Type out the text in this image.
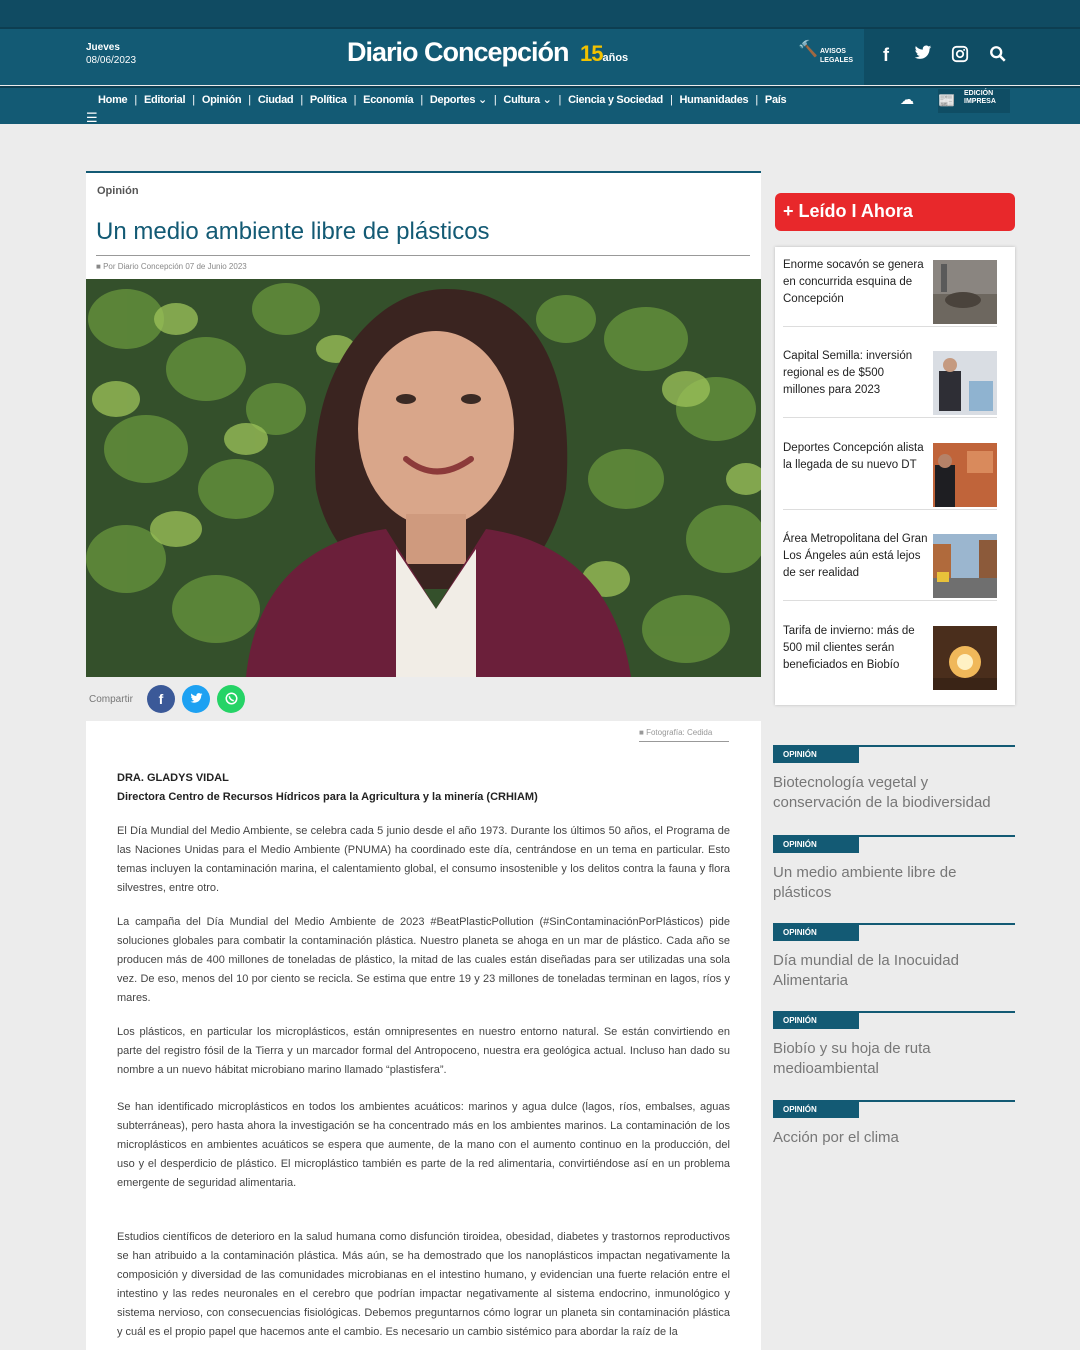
Jueves
08/06/2023	Diario Concepción 15años	🔨 AVISOS LEGALES	f
Home | Editorial | Opinión | Ciudad | Política | Economía | Deportes ⌄ | Cultura ⌄ | Ciencia y Sociedad | Humanidades | País
☰
☁ 📰 EDICIÓN IMPRESA
Opinión
Un medio ambiente libre de plásticos
■ Por Diario Concepción 07 de Junio 2023
Compartir	f
■ Fotografía: Cedida
DRA. GLADYS VIDAL
Directora Centro de Recursos Hídricos para la Agricultura y la minería (CRHIAM)

El Día Mundial del Medio Ambiente, se celebra cada 5 junio desde el año 1973. Durante los últimos 50 años, el Programa de las Naciones Unidas para el Medio Ambiente (PNUMA) ha coordinado este día, centrándose en un tema en particular. Esto temas incluyen la contaminación marina, el calentamiento global, el consumo insostenible y los delitos contra la fauna y flora silvestres, entre otro.

La campaña del Día Mundial del Medio Ambiente de 2023 #BeatPlasticPollution (#SinContaminaciónPorPlásticos) pide soluciones globales para combatir la contaminación plástica. Nuestro planeta se ahoga en un mar de plástico. Cada año se producen más de 400 millones de toneladas de plástico, la mitad de las cuales están diseñadas para ser utilizadas una sola vez. De eso, menos del 10 por ciento se recicla. Se estima que entre 19 y 23 millones de toneladas terminan en lagos, ríos y mares.

Los plásticos, en particular los microplásticos, están omnipresentes en nuestro entorno natural. Se están convirtiendo en parte del registro fósil de la Tierra y un marcador formal del Antropoceno, nuestra era geológica actual. Incluso han dado su nombre a un nuevo hábitat microbiano marino llamado “plastisfera”.

Se han identificado microplásticos en todos los ambientes acuáticos: marinos y agua dulce (lagos, ríos, embalses, aguas subterráneas), pero hasta ahora la investigación se ha concentrado más en los ambientes marinos. La contaminación de los microplásticos en ambientes acuáticos se espera que aumente, de la mano con el aumento continuo en la producción, del uso y el desperdicio de plástico. El microplástico también es parte de la red alimentaria, convirtiéndose así en un problema emergente de seguridad alimentaria.

Estudios científicos de deterioro en la salud humana como disfunción tiroidea, obesidad, diabetes y trastornos reproductivos se han atribuido a la contaminación plástica. Más aún, se ha demostrado que los nanoplásticos impactan negativamente la composición y diversidad de las comunidades microbianas en el intestino humano, y evidencian una fuerte relación entre el intestino y las redes neuronales en el cerebro que podrían impactar negativamente al sistema endocrino, inmunológico y sistema nervioso, con consecuencias fisiológicas. Debemos preguntarnos cómo lograr un planeta sin contaminación plástica y cuál es el propio papel que hacemos ante el cambio. Es necesario un cambio sistémico para abordar la raíz de la

+ Leído I Ahora
Enorme socavón se genera en concurrida esquina de Concepción
Capital Semilla: inversión regional es de $500 millones para 2023
Deportes Concepción alista la llegada de su nuevo DT
Área Metropolitana del Gran Los Ángeles aún está lejos de ser realidad
Tarifa de invierno: más de 500 mil clientes serán beneficiados en Biobío
OPINIÓN
Biotecnología vegetal y conservación de la biodiversidad
OPINIÓN
Un medio ambiente libre de plásticos
OPINIÓN
Día mundial de la Inocuidad Alimentaria
OPINIÓN
Biobío y su hoja de ruta medioambiental
OPINIÓN
Acción por el clima
